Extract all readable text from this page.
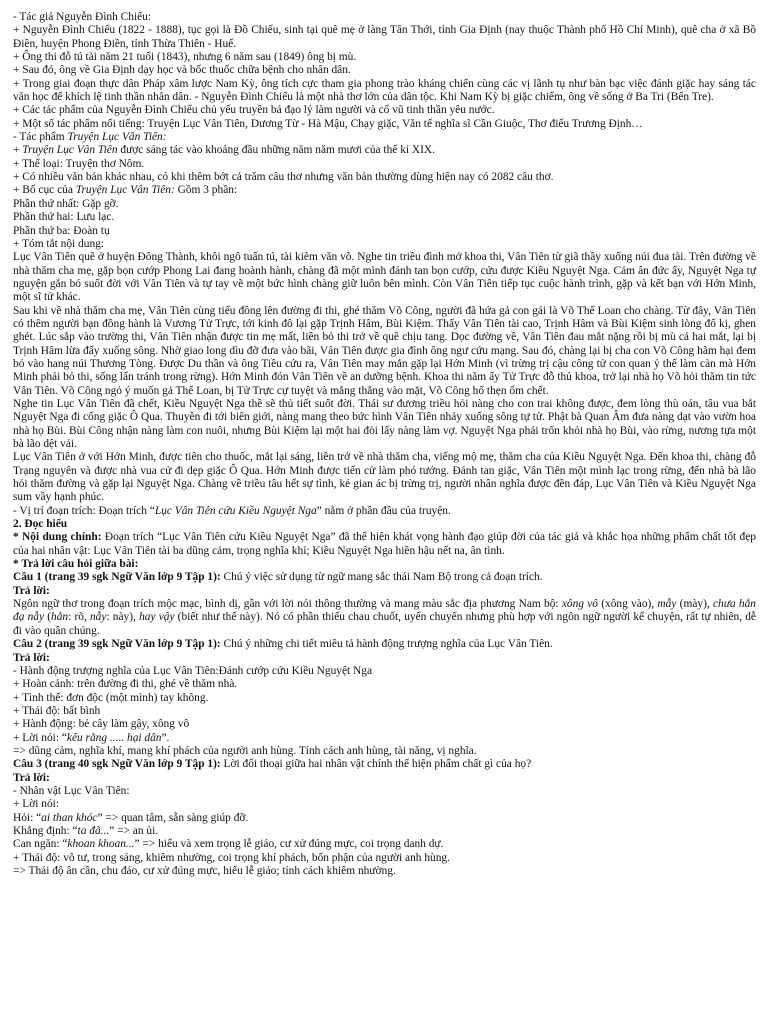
- Tác giả Nguyễn Đình Chiểu:

+ Nguyễn Đình Chiểu (1822 - 1888), tục gọi là Đồ Chiểu, sinh tại quê mẹ ở làng Tân Thới, tỉnh Gia Định (nay thuộc Thành phố Hồ Chí Minh), quê cha ở xã Bồ Điền, huyện Phong Điền, tỉnh Thừa Thiên - Huế.

+ Ông thi đỗ tú tài năm 21 tuổi (1843), nhưng 6 năm sau (1849) ông bị mù.

+ Sau đó, ông về Gia Định dạy học và bốc thuốc chữa bệnh cho nhân dân.

+ Trong giai đoạn thực dân Pháp xâm lược Nam Kỳ, ông tích cực tham gia phong trào kháng chiến cùng các vị lãnh tụ như bàn bạc việc đánh giặc hay sáng tác văn học để khích lệ tinh thần nhân dân. - Nguyễn Đình Chiểu là một nhà thơ lớn của dân tộc. Khi Nam Kỳ bị giặc chiếm, ông về sống ở Ba Tri (Bến Tre).

+ Các tác phẩm của Nguyễn Đình Chiểu chủ yếu truyền bá đạo lý làm người và cổ vũ tinh thần yêu nước.

+ Một số tác phẩm nổi tiếng: Truyện Lục Vân Tiên, Dương Từ - Hà Mậu, Chạy giặc, Văn tế nghĩa sĩ Cần Giuộc, Thơ điếu Trương Định…

- Tác phẩm Truyện Lục Vân Tiên:

+ Truyện Lục Vân Tiên được sáng tác vào khoảng đầu những năm năm mươi của thế kỉ XIX.

+ Thể loại: Truyện thơ Nôm.

+ Có nhiều văn bản khác nhau, có khi thêm bớt cả trăm câu thơ nhưng văn bản thường dùng hiện nay có 2082 câu thơ.

+ Bố cục của Truyện Lục Vân Tiên: Gồm 3 phần:

Phần thứ nhất: Gặp gỡ.

Phần thứ hai: Lưu lạc.

Phần thứ ba: Đoàn tụ

+ Tóm tắt nội dung:

Lục Vân Tiên quê ở huyện Đông Thành, khôi ngô tuấn tú, tài kiêm văn võ. Nghe tin triều đình mở khoa thi, Vân Tiên từ giã thầy xuống núi đua tài. Trên đường về nhà thăm cha mẹ, gặp bọn cướp Phong Lai đang hoành hành, chàng đã một mình đánh tan bọn cướp, cứu được Kiều Nguyệt Nga. Cảm ân đức ấy, Nguyệt Nga tự nguyện gắn bó suốt đời với Vân Tiên và tự tay vẽ một bức hình chàng giữ luôn bên mình. Còn Vân Tiên tiếp tục cuộc hành trình, gặp và kết bạn với Hớn Minh, một sĩ tử khác.

Sau khi về nhà thăm cha mẹ, Vân Tiên cùng tiểu đồng lên đường đi thi, ghé thăm Võ Công, người đã hứa gả con gái là Võ Thể Loan cho chàng. Từ đây, Vân Tiên có thêm người bạn đồng hành là Vương Tử Trực, tới kinh đô lại gặp Trịnh Hâm, Bùi Kiệm. Thấy Vân Tiên tài cao, Trịnh Hâm và Bùi Kiệm sinh lòng đố kị, ghen ghét. Lúc sắp vào trường thi, Vân Tiên nhận được tin mẹ mất, liền bỏ thi trở về quê chịu tang. Dọc đường về, Vân Tiên đau mắt nặng rồi bị mù cả hai mắt, lại bị Trịnh Hâm lừa đẩy xuống sông. Nhờ giao long dìu đỡ đưa vào bãi, Vân Tiên được gia đình ông ngư cứu mạng. Sau đó, chàng lại bị cha con Võ Công hãm hại đem bỏ vào hang núi Thương Tòng. Được Du thần và ông Tiều cứu ra, Vân Tiên may mắn gặp lại Hớn Minh (vì trừng trị cậu công tử con quan ỷ thế làm càn mà Hớn Minh phải bỏ thi, sống lẩn tránh trong rừng). Hớn Minh đón Vân Tiên về an dưỡng bệnh. Khoa thi năm ấy Tử Trực đỗ thủ khoa, trở lại nhà họ Võ hỏi thăm tin tức Vân Tiên. Võ Công ngỏ ý muốn gả Thể Loan, bị Tử Trực cự tuyệt và mắng thẳng vào mặt, Võ Công hổ thẹn ốm chết.

Nghe tin Lục Vân Tiên đã chết, Kiều Nguyệt Nga thề sẽ thủ tiết suốt đời. Thái sư đương triều hỏi nàng cho con trai không được, đem lòng thù oán, tâu vua bắt Nguyệt Nga đi cống giặc Ô Qua. Thuyền đi tới biên giới, nàng mang theo bức hình Vân Tiên nhảy xuống sông tự tử. Phật bà Quan Âm đưa nàng dạt vào vườn hoa nhà họ Bùi. Bùi Công nhận nàng làm con nuôi, nhưng Bùi Kiệm lại một hai đòi lấy nàng làm vợ. Nguyệt Nga phải trốn khỏi nhà họ Bùi, vào rừng, nương tựa một bà lão dệt vải.

Lục Vân Tiên ở với Hớn Minh, được tiên cho thuốc, mắt lại sáng, liền trở về nhà thăm cha, viếng mộ mẹ, thăm cha của Kiều Nguyệt Nga. Đến khoa thi, chàng đỗ Trạng nguyên và được nhà vua cử đi dẹp giặc Ô Qua. Hớn Minh được tiến cử làm phó tướng. Đánh tan giặc, Vân Tiên một mình lạc trong rừng, đến nhà bà lão hỏi thăm đường và gặp lại Nguyệt Nga. Chàng về triều tâu hết sự tình, kẻ gian ác bị trừng trị, người nhân nghĩa được đền đáp, Lục Vân Tiên và Kiều Nguyệt Nga sum vầy hạnh phúc.

- Vị trí đoạn trích: Đoạn trích “Lục Vân Tiên cứu Kiều Nguyệt Nga” nằm ở phần đầu của truyện.

2. Đọc hiểu

* Nội dung chính: Đoạn trích “Lục Vân Tiên cứu Kiều Nguyệt Nga” đã thể hiện khát vọng hành đạo giúp đời của tác giả và khắc họa những phẩm chất tốt đẹp của hai nhân vật: Lục Vân Tiên tài ba dũng cảm, trọng nghĩa khí; Kiều Nguyệt Nga hiền hậu nết na, ân tình.

* Trả lời câu hỏi giữa bài:

Câu 1 (trang 39 sgk Ngữ Văn lớp 9 Tập 1): Chú ý việc sử dụng từ ngữ mang sắc thái Nam Bộ trong cả đoạn trích.

Trả lời:

Ngôn ngữ thơ trong đoạn trích mộc mạc, bình dị, gần với lời nói thông thường và mang màu sắc địa phương Nam bộ: xông vô (xông vào), mẫy (mày), chưa hẳn đạ nẫy (hẳn: rõ, nẫy: này), hay vậy (biết như thế này). Nó có phần thiếu chau chuốt, uyển chuyển nhưng phù hợp với ngôn ngữ người kể chuyện, rất tự nhiên, dễ đi vào quần chúng.

Câu 2 (trang 39 sgk Ngữ Văn lớp 9 Tập 1): Chú ý những chi tiết miêu tả hành động trượng nghĩa của Lục Vân Tiên.

Trả lời:

- Hành động trượng nghĩa của Lục Vân Tiên:Đánh cướp cứu Kiều Nguyệt Nga

+ Hoàn cảnh: trên đường đi thi, ghé về thăm nhà.

+ Tình thế: đơn độc (một mình) tay không.

+ Thái độ: bất bình

+ Hành động: bẻ cây làm gậy, xông vô

+ Lời nói: “kêu rằng ..... hại dân”.

=> dũng cảm, nghĩa khí, mang khí phách của người anh hùng. Tính cách anh hùng, tài năng, vị nghĩa.

Câu 3 (trang 40 sgk Ngữ Văn lớp 9 Tập 1): Lời đối thoại giữa hai nhân vật chính thể hiện phẩm chất gì của họ?

Trả lời:

- Nhân vật Lục Vân Tiên:

+ Lời nói:

Hỏi: “ai than khóc” => quan tâm, sẵn sàng giúp đỡ.

Khẳng định: “ta đã...” => an ủi.

Can ngăn: “khoan khoan...” => hiểu và xem trọng lễ giáo, cư xử đúng mực, coi trọng danh dự.

+ Thái độ: vô tư, trong sáng, khiêm nhường, coi trọng khí phách, bổn phận của người anh hùng.

=> Thái độ ân cần, chu đáo, cư xử đúng mực, hiểu lễ giáo; tính cách khiêm nhường.
